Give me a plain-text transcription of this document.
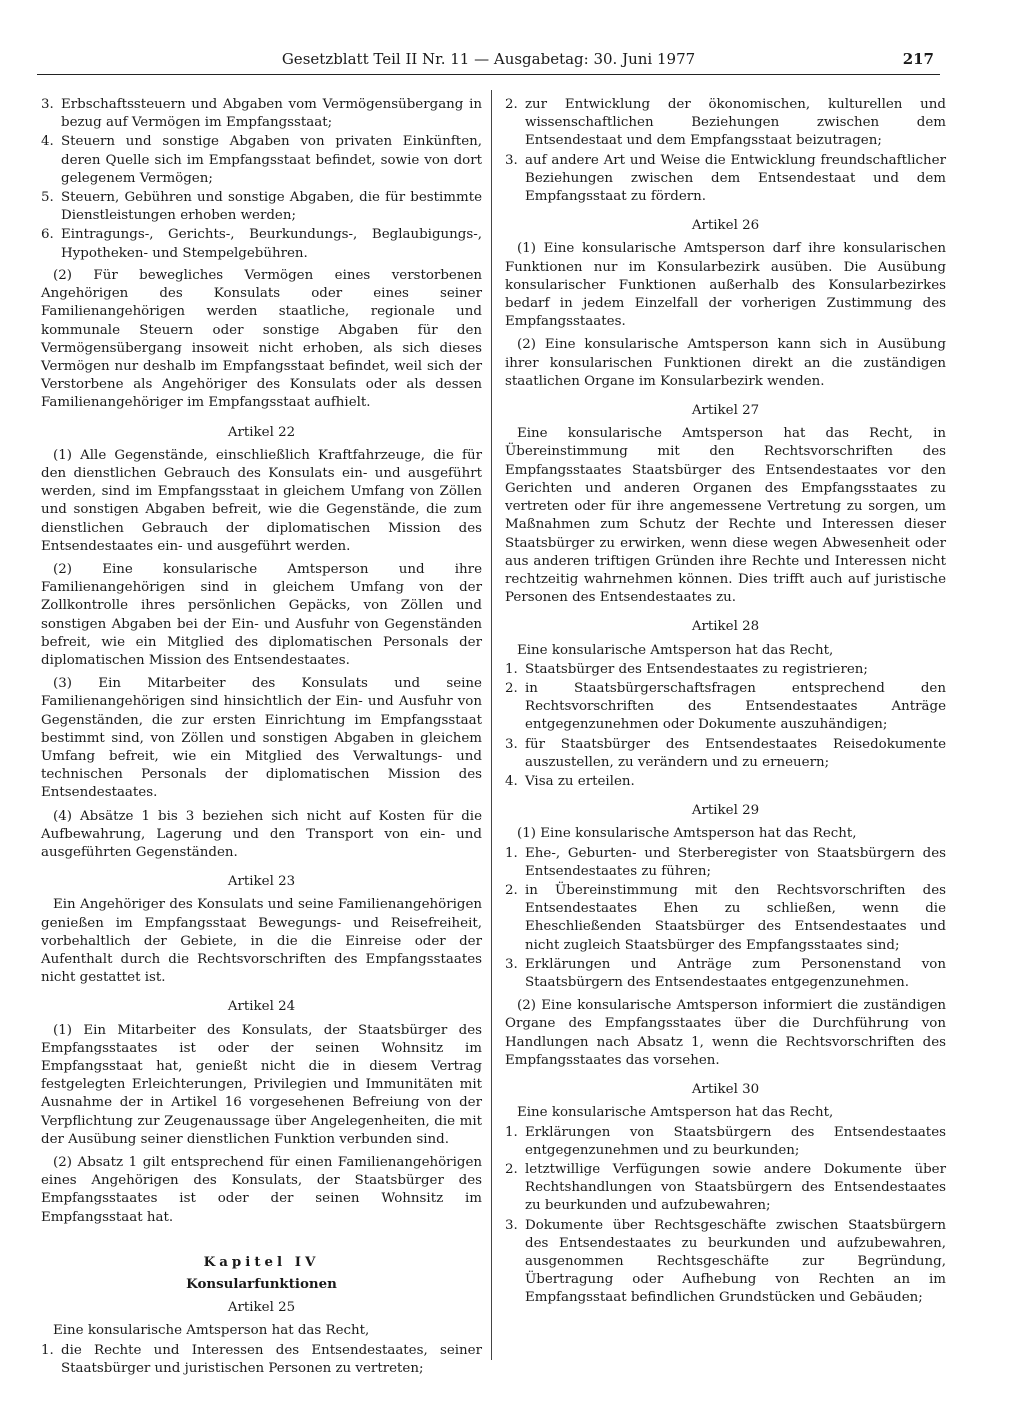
Gesetzblatt Teil II Nr. 11 — Ausgabetag: 30. Juni 1977	217
3. Erbschaftssteuern und Abgaben vom Vermögensübergang in bezug auf Vermögen im Empfangsstaat;
4. Steuern und sonstige Abgaben von privaten Einkünften, deren Quelle sich im Empfangsstaat befindet, sowie von dort gelegenem Vermögen;
5. Steuern, Gebühren und sonstige Abgaben, die für bestimmte Dienstleistungen erhoben werden;
6. Eintragungs-, Gerichts-, Beurkundungs-, Beglaubigungs-, Hypotheken- und Stempelgebühren.

(2) Für bewegliches Vermögen eines verstorbenen Angehörigen des Konsulats oder eines seiner Familienangehörigen werden staatliche, regionale und kommunale Steuern oder sonstige Abgaben für den Vermögensübergang insoweit nicht erhoben, als sich dieses Vermögen nur deshalb im Empfangsstaat befindet, weil sich der Verstorbene als Angehöriger des Konsulats oder als dessen Familienangehöriger im Empfangsstaat aufhielt.

Artikel 22

(1) Alle Gegenstände, einschließlich Kraftfahrzeuge, die für den dienstlichen Gebrauch des Konsulats ein- und ausgeführt werden, sind im Empfangsstaat in gleichem Umfang von Zöllen und sonstigen Abgaben befreit, wie die Gegenstände, die zum dienstlichen Gebrauch der diplomatischen Mission des Entsendestaates ein- und ausgeführt werden.

(2) Eine konsularische Amtsperson und ihre Familienangehörigen sind in gleichem Umfang von der Zollkontrolle ihres persönlichen Gepäcks, von Zöllen und sonstigen Abgaben bei der Ein- und Ausfuhr von Gegenständen befreit, wie ein Mitglied des diplomatischen Personals der diplomatischen Mission des Entsendestaates.

(3) Ein Mitarbeiter des Konsulats und seine Familienangehörigen sind hinsichtlich der Ein- und Ausfuhr von Gegenständen, die zur ersten Einrichtung im Empfangsstaat bestimmt sind, von Zöllen und sonstigen Abgaben in gleichem Umfang befreit, wie ein Mitglied des Verwaltungs- und technischen Personals der diplomatischen Mission des Entsendestaates.

(4) Absätze 1 bis 3 beziehen sich nicht auf Kosten für die Aufbewahrung, Lagerung und den Transport von ein- und ausgeführten Gegenständen.

Artikel 23

Ein Angehöriger des Konsulats und seine Familienangehörigen genießen im Empfangsstaat Bewegungs- und Reisefreiheit, vorbehaltlich der Gebiete, in die die Einreise oder der Aufenthalt durch die Rechtsvorschriften des Empfangsstaates nicht gestattet ist.

Artikel 24

(1) Ein Mitarbeiter des Konsulats, der Staatsbürger des Empfangsstaates ist oder der seinen Wohnsitz im Empfangsstaat hat, genießt nicht die in diesem Vertrag festgelegten Erleichterungen, Privilegien und Immunitäten mit Ausnahme der in Artikel 16 vorgesehenen Befreiung von der Verpflichtung zur Zeugenaussage über Angelegenheiten, die mit der Ausübung seiner dienstlichen Funktion verbunden sind.

(2) Absatz 1 gilt entsprechend für einen Familienangehörigen eines Angehörigen des Konsulats, der Staatsbürger des Empfangsstaates ist oder der seinen Wohnsitz im Empfangsstaat hat.

Kapitel IV
Konsularfunktionen
Artikel 25

Eine konsularische Amtsperson hat das Recht,

1. die Rechte und Interessen des Entsendestaates, seiner Staatsbürger und juristischen Personen zu vertreten;
2. zur Entwicklung der ökonomischen, kulturellen und wissenschaftlichen Beziehungen zwischen dem Entsendestaat und dem Empfangsstaat beizutragen;
3. auf andere Art und Weise die Entwicklung freundschaftlicher Beziehungen zwischen dem Entsendestaat und dem Empfangsstaat zu fördern.
Artikel 26

(1) Eine konsularische Amtsperson darf ihre konsularischen Funktionen nur im Konsularbezirk ausüben. Die Ausübung konsularischer Funktionen außerhalb des Konsularbezirkes bedarf in jedem Einzelfall der vorherigen Zustimmung des Empfangsstaates.

(2) Eine konsularische Amtsperson kann sich in Ausübung ihrer konsularischen Funktionen direkt an die zuständigen staatlichen Organe im Konsularbezirk wenden.

Artikel 27

Eine konsularische Amtsperson hat das Recht, in Übereinstimmung mit den Rechtsvorschriften des Empfangsstaates Staatsbürger des Entsendestaates vor den Gerichten und anderen Organen des Empfangsstaates zu vertreten oder für ihre angemessene Vertretung zu sorgen, um Maßnahmen zum Schutz der Rechte und Interessen dieser Staatsbürger zu erwirken, wenn diese wegen Abwesenheit oder aus anderen triftigen Gründen ihre Rechte und Interessen nicht rechtzeitig wahrnehmen können. Dies trifft auch auf juristische Personen des Entsendestaates zu.

Artikel 28

Eine konsularische Amtsperson hat das Recht,

1. Staatsbürger des Entsendestaates zu registrieren;
2. in Staatsbürgerschaftsfragen entsprechend den Rechtsvorschriften des Entsendestaates Anträge entgegenzunehmen oder Dokumente auszuhändigen;
3. für Staatsbürger des Entsendestaates Reisedokumente auszustellen, zu verändern und zu erneuern;
4. Visa zu erteilen.
Artikel 29

(1) Eine konsularische Amtsperson hat das Recht,

1. Ehe-, Geburten- und Sterberegister von Staatsbürgern des Entsendestaates zu führen;
2. in Übereinstimmung mit den Rechtsvorschriften des Entsendestaates Ehen zu schließen, wenn die Eheschließenden Staatsbürger des Entsendestaates und nicht zugleich Staatsbürger des Empfangsstaates sind;
3. Erklärungen und Anträge zum Personenstand von Staatsbürgern des Entsendestaates entgegenzunehmen.

(2) Eine konsularische Amtsperson informiert die zuständigen Organe des Empfangsstaates über die Durchführung von Handlungen nach Absatz 1, wenn die Rechtsvorschriften des Empfangsstaates das vorsehen.

Artikel 30

Eine konsularische Amtsperson hat das Recht,

1. Erklärungen von Staatsbürgern des Entsendestaates entgegenzunehmen und zu beurkunden;
2. letztwillige Verfügungen sowie andere Dokumente über Rechtshandlungen von Staatsbürgern des Entsendestaates zu beurkunden und aufzubewahren;
3. Dokumente über Rechtsgeschäfte zwischen Staatsbürgern des Entsendestaates zu beurkunden und aufzubewahren, ausgenommen Rechtsgeschäfte zur Begründung, Übertragung oder Aufhebung von Rechten an im Empfangsstaat befindlichen Grundstücken und Gebäuden;
